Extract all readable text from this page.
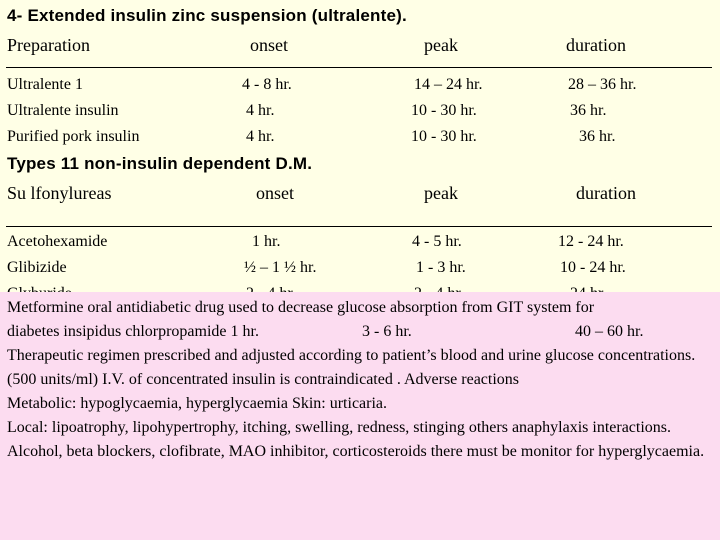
4- Extended insulin zinc suspension (ultralente).
Preparation	onset	peak	duration
Ultralente 1	4 - 8 hr.	14 – 24 hr.	28 – 36 hr.
Ultralente insulin	4 hr.	10 - 30 hr.	36 hr.
Purified pork insulin	4 hr.	10 - 30 hr.	36 hr.
Types 11 non-insulin dependent D.M.
Su lfonylureas	onset	peak	duration
Acetohexamide	1 hr.	4 - 5 hr.	12 - 24 hr.
Glibizide	½ – 1 ½ hr.	1 - 3 hr.	10 - 24 hr.
Metformine oral antidiabetic drug used to decrease glucose absorption from GIT system for
diabetes insipidus chlorpropamide 1 hr.	3 - 6 hr.	40 – 60 hr.

Therapeutic regimen prescribed and adjusted according to patient’s blood and urine glucose concentrations.

(500 units/ml) I.V. of concentrated insulin is contraindicated . Adverse reactions

Metabolic: hypoglycaemia, hyperglycaemia Skin: urticaria.

Local: lipoatrophy, lipohypertrophy, itching, swelling, redness, stinging others anaphylaxis interactions.

Alcohol, beta blockers, clofibrate, MAO inhibitor, corticosteroids there must be monitor for hyperglycaemia.
